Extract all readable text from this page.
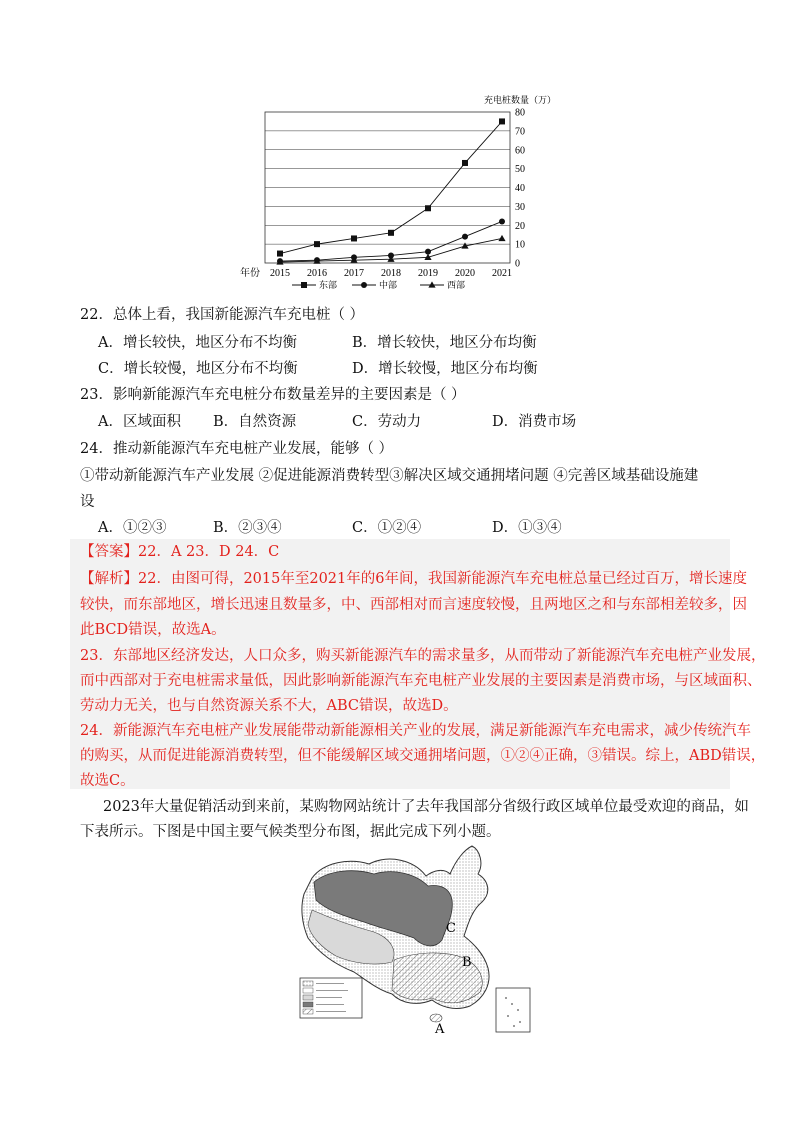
充电桩数量（万）
0
10
20
30
40
50
60
70
80
2015 2016 2017 2018 2019 2020 2021
年份
东部	中部	西部
22．总体上看，我国新能源汽车充电桩（ ）
A．增长较快，地区分布不均衡	B．增长较快，地区分布均衡
C．增长较慢，地区分布不均衡	D．增长较慢，地区分布均衡
23．影响新能源汽车充电桩分布数量差异的主要因素是（ ）
A．区域面积 B．自然资源	C．劳动力	D．消费市场
24．推动新能源汽车充电桩产业发展，能够（ ）
①带动新能源汽车产业发展 ②促进能源消费转型③解决区域交通拥堵问题 ④完善区域基础设施建
设
A．①②③	B．②③④	C．①②④	D．①③④
【答案】22．A 23．D 24．C
【解析】22．由图可得，2015年至2021年的6年间，我国新能源汽车充电桩总量已经过百万，增长速度
较快，而东部地区，增长迅速且数量多，中、西部相对而言速度较慢，且两地区之和与东部相差较多，因
此BCD错误，故选A。
23．东部地区经济发达，人口众多，购买新能源汽车的需求量多，从而带动了新能源汽车充电桩产业发展，
而中西部对于充电桩需求量低，因此影响新能源汽车充电桩产业发展的主要因素是消费市场，与区域面积、
劳动力无关，也与自然资源关系不大，ABC错误，故选D。
24．新能源汽车充电桩产业发展能带动新能源相关产业的发展，满足新能源汽车充电需求，减少传统汽车
的购买，从而促进能源消费转型，但不能缓解区域交通拥堵问题，①②④正确，③错误。综上，ABD错误，
故选C。
2023年大量促销活动到来前，某购物网站统计了去年我国部分省级行政区域单位最受欢迎的商品，如
下表所示。下图是中国主要气候类型分布图，据此完成下列小题。
C
B
A
